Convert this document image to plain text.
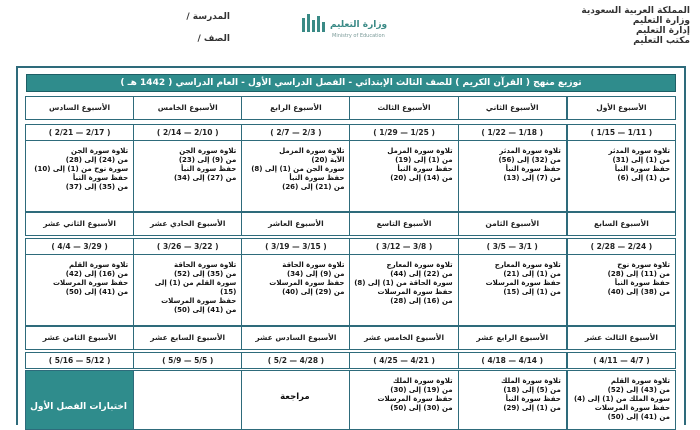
المملكة العربية السعودية
وزارة التعليم
إدارة التعليم
مكتب التعليم
المدرسة /
الصف /
وزارة التعليم
Ministry of Education
توزيع منهج ( القرآن الكريم ) للصف الثالث الإبتدائي - الفصل الدراسي الأول - العام الدراسي ( 1442 هـ )
الأسبوع الأول
الأسبوع الثاني
الأسبوع الثالث
الأسبوع الرابع
الأسبوع الخامس
الأسبوع السادس
( 1/11 — 1/15 )
( 1/18 — 1/22 )
( 1/25 — 1/29 )
( 2/3 — 2/7 )
( 2/10 — 2/14 )
( 2/17 — 2/21 )
تلاوة سورة المدثر
من (1) إلى (31)
حفظ سورة النبأ
من (1) إلى (6)
تلاوة سورة المدثر
من (32) إلى (56)
حفظ سورة النبأ
من (7) إلى (13)
تلاوة سورة المزمل
من (1) إلى (19)
حفظ سورة النبأ
من (14) إلى (20)
تلاوة سورة المزمل
الآية (20)
سورة الجن من (1) إلى (8)
حفظ سورة النبأ
من (21) إلى (26)
تلاوة سورة الجن
من (9) إلى (23)
حفظ سورة النبأ
من (27) إلى (34)
تلاوة سورة الجن
من (24) إلى (28)
سورة نوح من (1) إلى (10)
حفظ سورة النبأ
من (35) إلى (37)
الأسبوع السابع
الأسبوع الثامن
الأسبوع التاسع
الأسبوع العاشر
الأسبوع الحادي عشر
الأسبوع الثاني عشر
( 2/24 — 2/28 )
( 3/1 — 3/5 )
( 3/8 — 3/12 )
( 3/15 — 3/19 )
( 3/22 — 3/26 )
( 3/29 — 4/4 )
تلاوة سورة نوح
من (11) إلى (28)
حفظ سورة النبأ
من (38) إلى (40)
تلاوة سورة المعارج
من (1) إلى (21)
حفظ سورة المرسلات
من (1) إلى (15)
تلاوة سورة المعارج
من (22) إلى (44)
سورة الحاقة من (1) إلى (8)
حفظ سورة المرسلات
من (16) إلى (28)
تلاوة سورة الحاقة
من (9) إلى (34)
حفظ سورة المرسلات
من (29) إلى (40)
تلاوة سورة الحاقة
من (35) إلى (52)
سورة القلم من (1) إلى (15)
حفظ سورة المرسلات
من (41) إلى (50)
تلاوة سورة القلم
من (16) إلى (42)
حفظ سورة المرسلات
من (41) إلى (50)
الأسبوع الثالث عشر
الأسبوع الرابع عشر
الأسبوع الخامس عشر
الأسبوع السادس عشر
الأسبوع السابع عشر
الأسبوع الثامن عشر
( 4/7 — 4/11 )
( 4/14 — 4/18 )
( 4/21 — 4/25 )
( 4/28 — 5/2 )
( 5/5 — 5/9 )
( 5/12 — 5/16 )
تلاوة سورة القلم
من (43) إلى (52)
سورة الملك من (1) إلى (4)
حفظ سورة المرسلات
من (41) إلى (50)
تلاوة سورة الملك
من (5) إلى (18)
حفظ سورة النبأ
من (1) إلى (29)
تلاوة سورة الملك
من (19) إلى (30)
حفظ سورة المرسلات
من (30) إلى (50)
مراجعة
اختبارات الفصل الأول
